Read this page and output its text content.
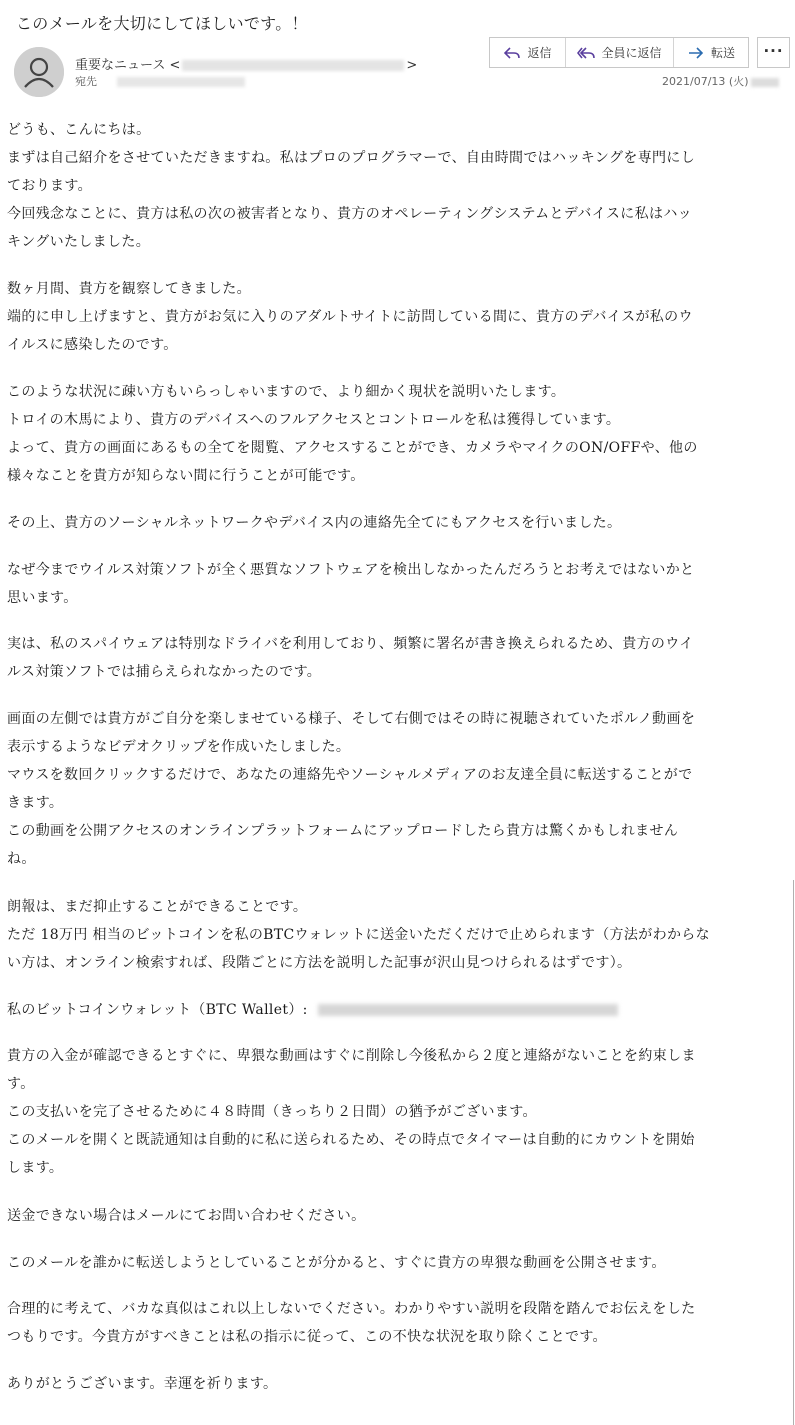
このメールを大切にしてほしいです。！
重要なニュース <	>
宛先
返信	全員に返信	転送	···
2021/07/13 (火)
どうも、こんにちは。
まずは自己紹介をさせていただきますね。私はプロのプログラマーで、自由時間ではハッキングを専門にし
ております。
今回残念なことに、貴方は私の次の被害者となり、貴方のオペレーティングシステムとデバイスに私はハッ
キングいたしました。
数ヶ月間、貴方を観察してきました。
端的に申し上げますと、貴方がお気に入りのアダルトサイトに訪問している間に、貴方のデバイスが私のウ
イルスに感染したのです。
このような状況に疎い方もいらっしゃいますので、より細かく現状を説明いたします。
トロイの木馬により、貴方のデバイスへのフルアクセスとコントロールを私は獲得しています。
よって、貴方の画面にあるもの全てを閲覧、アクセスすることができ、カメラやマイクのON/OFFや、他の
様々なことを貴方が知らない間に行うことが可能です。
その上、貴方のソーシャルネットワークやデバイス内の連絡先全てにもアクセスを行いました。
なぜ今までウイルス対策ソフトが全く悪質なソフトウェアを検出しなかったんだろうとお考えではないかと
思います。
実は、私のスパイウェアは特別なドライバを利用しており、頻繁に署名が書き換えられるため、貴方のウイ
ルス対策ソフトでは捕らえられなかったのです。
画面の左側では貴方がご自分を楽しませている様子、そして右側ではその時に視聴されていたポルノ動画を
表示するようなビデオクリップを作成いたしました。
マウスを数回クリックするだけで、あなたの連絡先やソーシャルメディアのお友達全員に転送することがで
きます。
この動画を公開アクセスのオンラインプラットフォームにアップロードしたら貴方は驚くかもしれません
ね。
朗報は、まだ抑止することができることです。
ただ 18万円 相当のビットコインを私のBTCウォレットに送金いただくだけで止められます（方法がわからな
い方は、オンライン検索すれば、段階ごとに方法を説明した記事が沢山見つけられるはずです）。
私のビットコインウォレット（BTC Wallet）:
貴方の入金が確認できるとすぐに、卑猥な動画はすぐに削除し今後私から２度と連絡がないことを約束しま
す。
この支払いを完了させるために４８時間（きっちり２日間）の猶予がございます。
このメールを開くと既読通知は自動的に私に送られるため、その時点でタイマーは自動的にカウントを開始
します。
送金できない場合はメールにてお問い合わせください。
このメールを誰かに転送しようとしていることが分かると、すぐに貴方の卑猥な動画を公開させます。
合理的に考えて、バカな真似はこれ以上しないでください。わかりやすい説明を段階を踏んでお伝えをした
つもりです。今貴方がすべきことは私の指示に従って、この不快な状況を取り除くことです。
ありがとうございます。幸運を祈ります。
